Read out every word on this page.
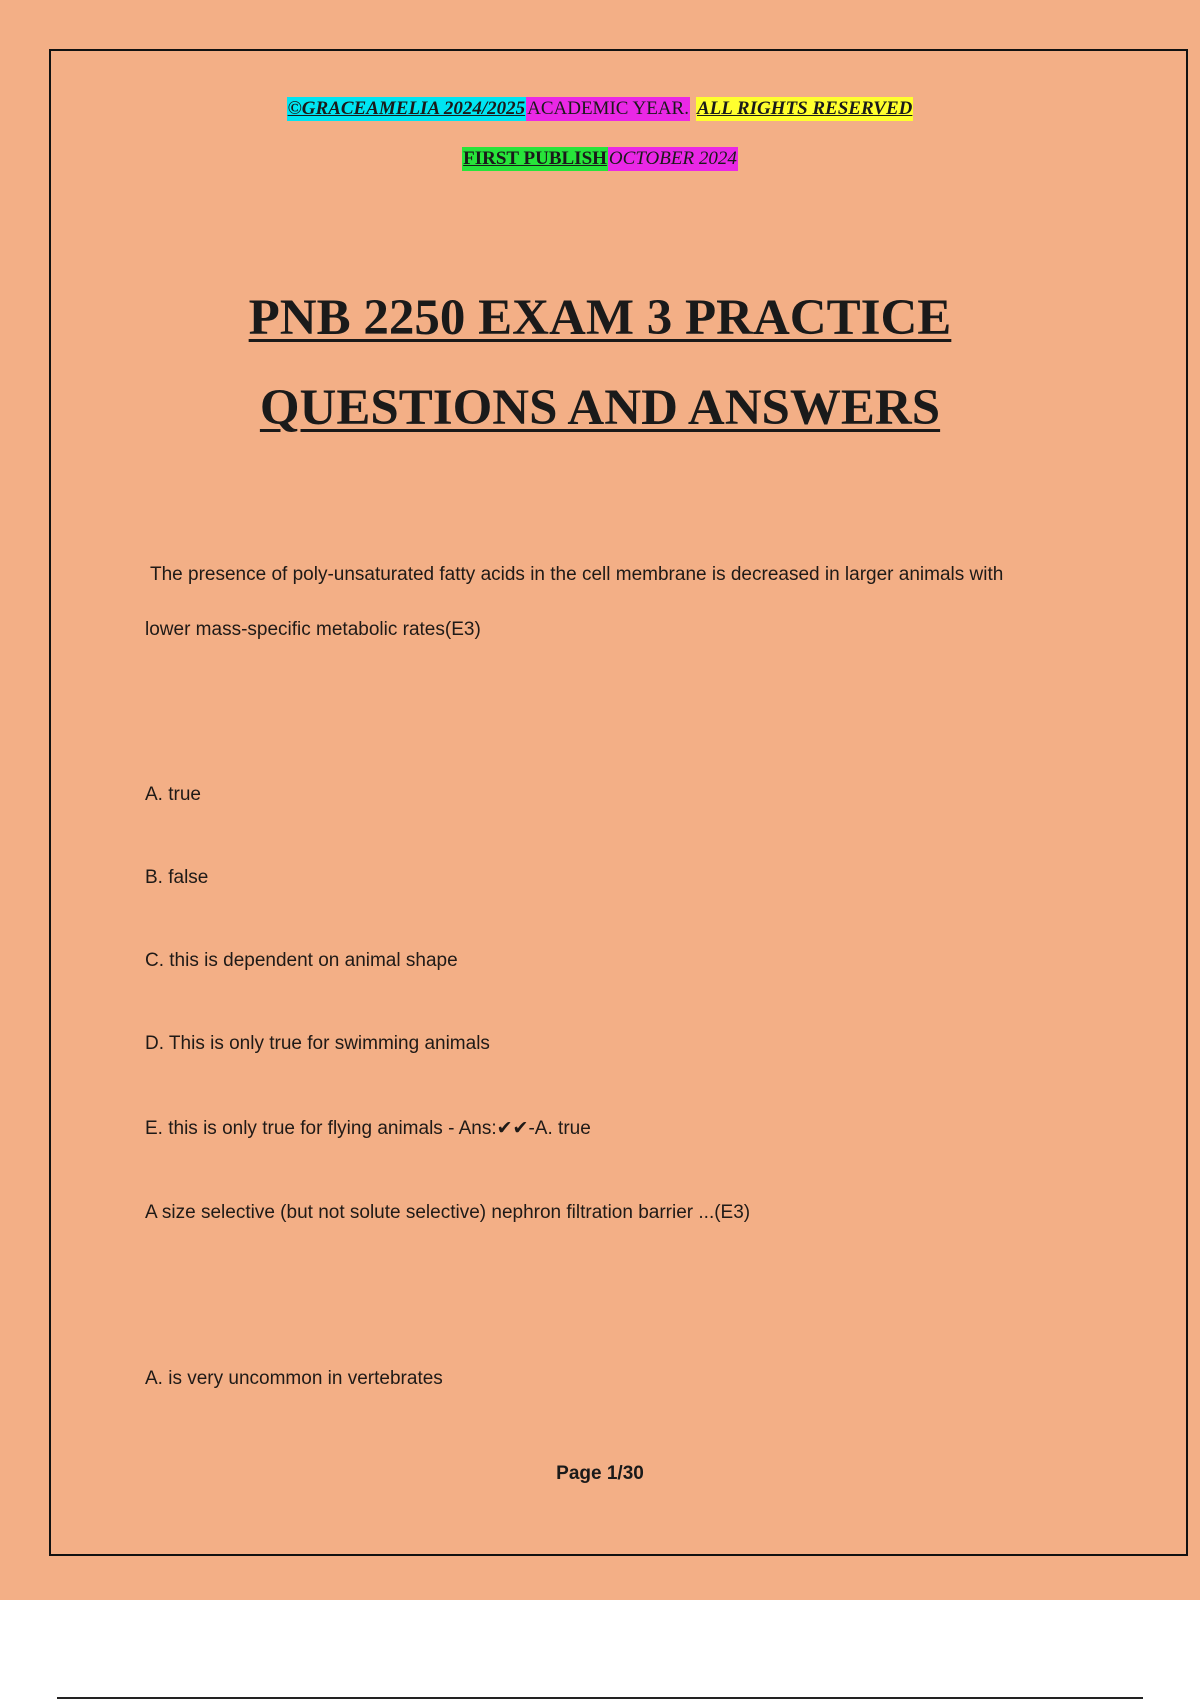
©GRACEAMELIA 2024/2025 ACADEMIC YEAR. ALL RIGHTS RESERVED
FIRST PUBLISH OCTOBER 2024
PNB 2250 EXAM 3 PRACTICE
QUESTIONS AND ANSWERS
The presence of poly-unsaturated fatty acids in the cell membrane is decreased in larger animals with
lower mass-specific metabolic rates(E3)
A. true
B. false
C. this is dependent on animal shape
D. This is only true for swimming animals
E. this is only true for flying animals - Ans:✔✔-A. true
A size selective (but not solute selective) nephron filtration barrier ...(E3)
A. is very uncommon in vertebrates
Page 1/30
